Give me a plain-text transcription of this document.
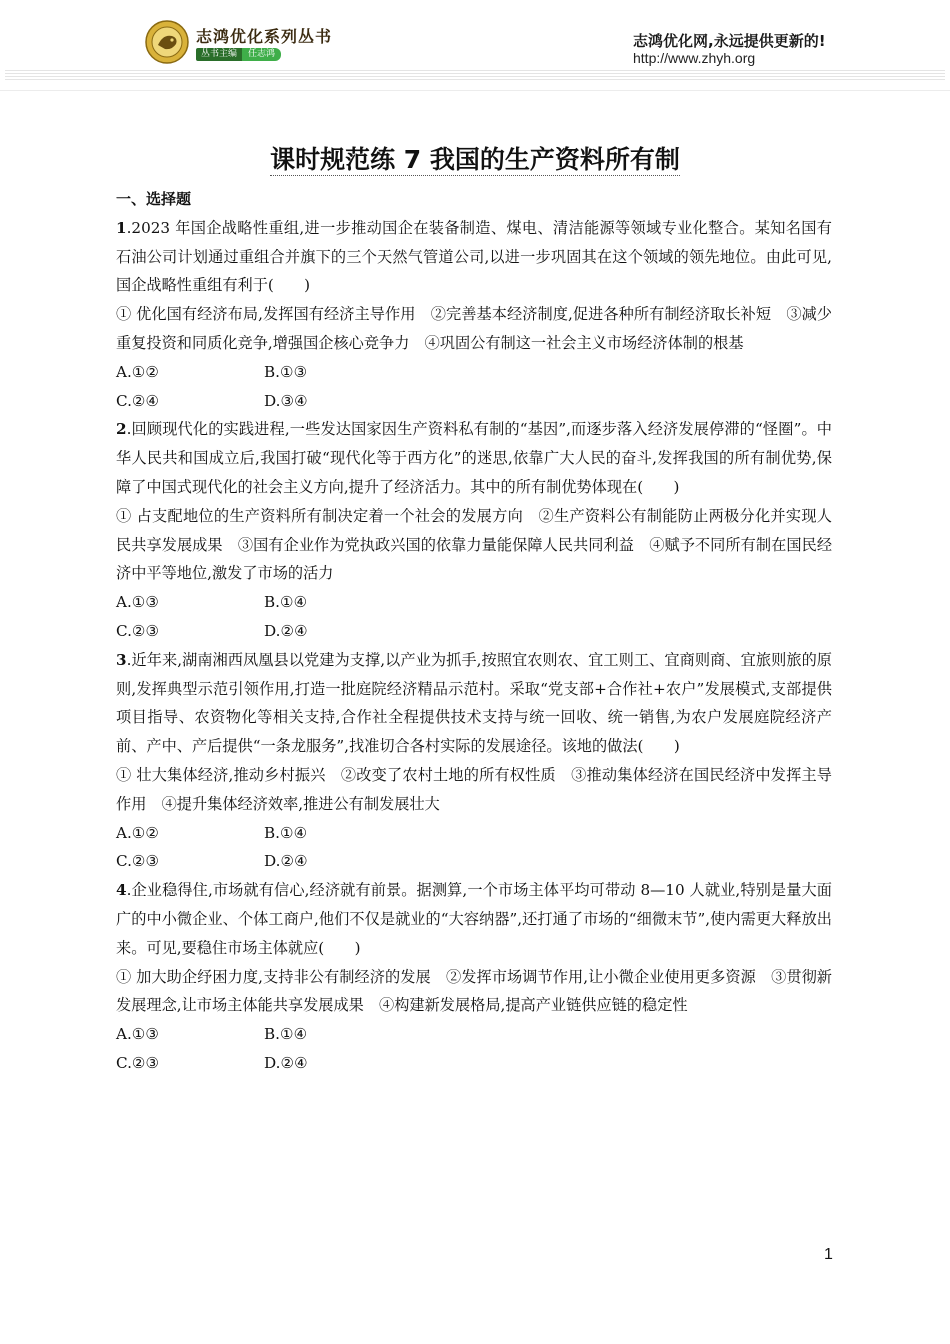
志鸿优化系列丛书
丛书主编	任志鸿
志鸿优化网,永远提供更新的!
http://www.zhyh.org
课时规范练 7 我国的生产资料所有制

一、选择题

1.2023 年国企战略性重组,进一步推动国企在装备制造、煤电、清洁能源等领域专业化整合。某知名国有石油公司计划通过重组合并旗下的三个天然气管道公司,以进一步巩固其在这个领域的领先地位。由此可见,国企战略性重组有利于(　　)

① 优化国有经济布局,发挥国有经济主导作用　②完善基本经济制度,促进各种所有制经济取长补短　③减少重复投资和同质化竞争,增强国企核心竞争力　④巩固公有制这一社会主义市场经济体制的根基

A.①②	B.①③
C.②④	D.③④

2.回顾现代化的实践进程,一些发达国家因生产资料私有制的“基因”,而逐步落入经济发展停滞的“怪圈”。中华人民共和国成立后,我国打破“现代化等于西方化”的迷思,依靠广大人民的奋斗,发挥我国的所有制优势,保障了中国式现代化的社会主义方向,提升了经济活力。其中的所有制优势体现在(　　)

① 占支配地位的生产资料所有制决定着一个社会的发展方向　②生产资料公有制能防止两极分化并实现人民共享发展成果　③国有企业作为党执政兴国的依靠力量能保障人民共同利益　④赋予不同所有制在国民经济中平等地位,激发了市场的活力

A.①③	B.①④
C.②③	D.②④

3.近年来,湖南湘西凤凰县以党建为支撑,以产业为抓手,按照宜农则农、宜工则工、宜商则商、宜旅则旅的原则,发挥典型示范引领作用,打造一批庭院经济精品示范村。采取“党支部+合作社+农户”发展模式,支部提供项目指导、农资物化等相关支持,合作社全程提供技术支持与统一回收、统一销售,为农户发展庭院经济产前、产中、产后提供“一条龙服务”,找准切合各村实际的发展途径。该地的做法(　　)

① 壮大集体经济,推动乡村振兴　②改变了农村土地的所有权性质　③推动集体经济在国民经济中发挥主导作用　④提升集体经济效率,推进公有制发展壮大

A.①②	B.①④
C.②③	D.②④

4.企业稳得住,市场就有信心,经济就有前景。据测算,一个市场主体平均可带动 8—10 人就业,特别是量大面广的中小微企业、个体工商户,他们不仅是就业的“大容纳器”,还打通了市场的“细微末节”,使内需更大释放出来。可见,要稳住市场主体就应(　　)

① 加大助企纾困力度,支持非公有制经济的发展　②发挥市场调节作用,让小微企业使用更多资源　③贯彻新发展理念,让市场主体能共享发展成果　④构建新发展格局,提高产业链供应链的稳定性

A.①③	B.①④
C.②③	D.②④
1
